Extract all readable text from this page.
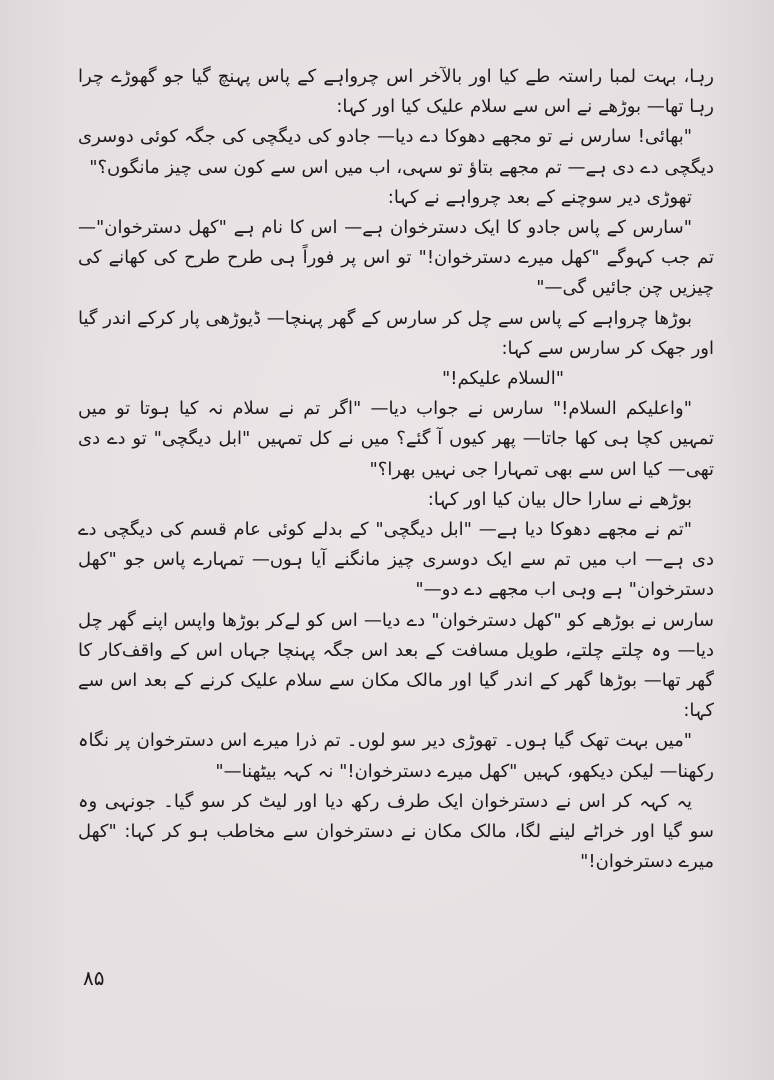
رہا، بہت لمبا راستہ طے کیا اور بالآخر اس چرواہے کے پاس پہنچ گیا جو گھوڑے چرا رہا تھا— بوڑھے نے اس سے سلام علیک کیا اور کہا:

"بھائی! سارس نے تو مجھے دھوکا دے دیا— جادو کی دیگچی کی جگہ کوئی دوسری دیگچی دے دی ہے— تم مجھے بتاؤ تو سہی، اب میں اس سے کون سی چیز مانگوں؟"

تھوڑی دیر سوچنے کے بعد چرواہے نے کہا:

"سارس کے پاس جادو کا ایک دسترخوان ہے— اس کا نام ہے "کھل دسترخوان"— تم جب کہوگے "کھل میرے دسترخوان!" تو اس پر فوراً ہی طرح طرح کی کھانے کی چیزیں چن جائیں گی—"

بوڑھا چرواہے کے پاس سے چل کر سارس کے گھر پہنچا— ڈیوڑھی پار کرکے اندر گیا اور جھک کر سارس سے کہا:

"السلام علیکم!"

"واعلیکم السلام!" سارس نے جواب دیا— "اگر تم نے سلام نہ کیا ہوتا تو میں تمہیں کچا ہی کھا جاتا— پھر کیوں آ گئے؟ میں نے کل تمہیں "ابل دیگچی" تو دے دی تھی— کیا اس سے بھی تمہارا جی نہیں بھرا؟"

بوڑھے نے سارا حال بیان کیا اور کہا:

"تم نے مجھے دھوکا دیا ہے— "ابل دیگچی" کے بدلے کوئی عام قسم کی دیگچی دے دی ہے— اب میں تم سے ایک دوسری چیز مانگنے آیا ہوں— تمہارے پاس جو "کھل دسترخوان" ہے وہی اب مجھے دے دو—"

سارس نے بوڑھے کو "کھل دسترخوان" دے دیا— اس کو لےکر بوڑھا واپس اپنے گھر چل دیا— وہ چلتے چلتے، طویل مسافت کے بعد اس جگہ پہنچا جہاں اس کے واقف‌کار کا گھر تھا— بوڑھا گھر کے اندر گیا اور مالک مکان سے سلام علیک کرنے کے بعد اس سے کہا:

"میں بہت تھک گیا ہوں۔ تھوڑی دیر سو لوں۔ تم ذرا میرے اس دسترخوان پر نگاہ رکھنا— لیکن دیکھو، کہیں "کھل میرے دسترخوان!" نہ کہہ بیٹھنا—"

یہ کہہ کر اس نے دسترخوان ایک طرف رکھ دیا اور لیٹ کر سو گیا۔ جونہی وہ سو گیا اور خراٹے لینے لگا، مالک مکان نے دسترخوان سے مخاطب ہو کر کہا: "کھل میرے دسترخوان!"

۸۵
